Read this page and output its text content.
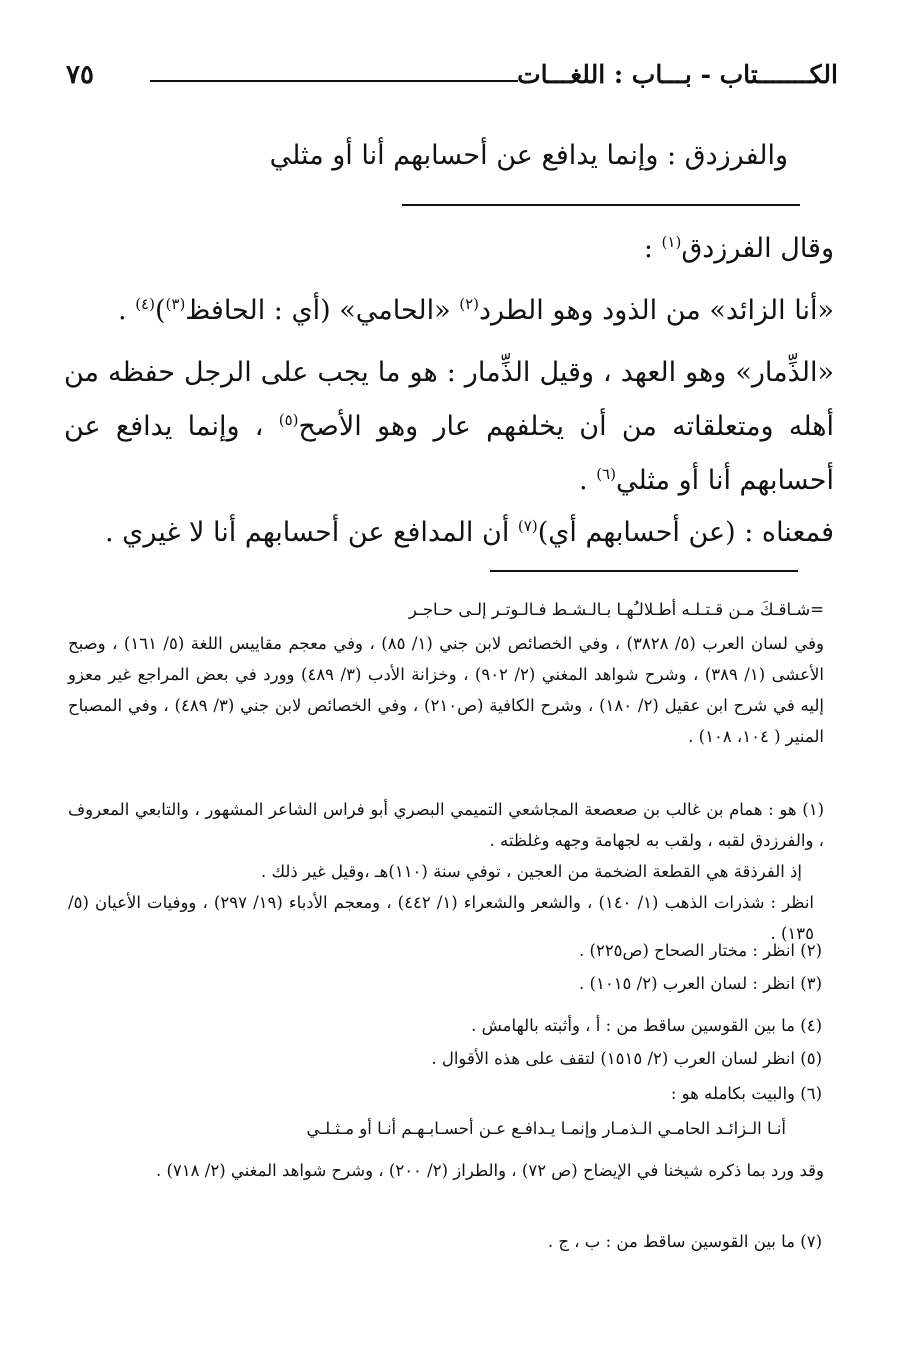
٧٥	الكـــــــتاب - بـــاب : اللغـــات
والفرزدق : وإنما يدافع عن أحسابهم أنا أو مثلي

وقال الفرزدق$^{(١)}$ :

«أنا الزائد» من الذود وهو الطرد$^{(٢)}$ «الحامي» (أي : الحافظ$^{(٣)}$)$^{(٤)}$ .

«الذِّمار» وهو العهد ، وقيل الذِّمار : هو ما يجب على الرجل حفظه من أهله ومتعلقاته من أن يخلفهم عار وهو الأصح$^{(٥)}$ ، وإنما يدافع عن أحسابهم أنا أو مثلي$^{(٦)}$ .

فمعناه : (عن أحسابهم أي)$^{(٧)}$ أن المدافع عن أحسابهم أنا لا غيري .

=شـاقـكَ مـن قـتـلـه أطـلالـُهـا بـالـشـط فـالـوتـر إلـى حـاجـر
وفي لسان العرب (٥/ ٣٨٢٨) ، وفي الخصائص لابن جني (١/ ٨٥) ، وفي معجم مقاييس اللغة (٥/ ١٦١) ، وصبح الأعشى (١/ ٣٨٩) ، وشرح شواهد المغني (٢/ ٩٠٢) ، وخزانة الأدب (٣/ ٤٨٩) وورد في بعض المراجع غير معزو إليه في شرح ابن عقيل (٢/ ١٨٠) ، وشرح الكافية (ص٢١٠) ، وفي الخصائص لابن جني (٣/ ٤٨٩) ، وفي المصباح المنير ( ١٠٤، ١٠٨) .

(١) هو : همام بن غالب بن صعصعة المجاشعي التميمي البصري أبو فراس الشاعر المشهور ، والتابعي المعروف ، والفرزدق لقبه ، ولقب به لجهامة وجهه وغلظته .

إذ الفرذقة هي القطعة الضخمة من العجين ، توفي سنة (١١٠)هـ ،وقيل غير ذلك .

انظر : شذرات الذهب (١/ ١٤٠) ، والشعر والشعراء (١/ ٤٤٢) ، ومعجم الأدباء (١٩/ ٢٩٧) ، ووفيات الأعيان (٥/ ١٣٥) .

(٢) انظر : مختار الصحاح (ص٢٢٥) .
(٣) انظر : لسان العرب (٢/ ١٠١٥) .
(٤) ما بين القوسين ساقط من : أ ، وأثبته بالهامش .
(٥) انظر لسان العرب (٢/ ١٥١٥) لتقف على هذه الأقوال .
(٦) والبيت بكامله هو :
أنـا الـزائـد الحامـي الـذمـار وإنمـا يـدافـع عـن أحسـابـهـم أنـا أو مـثـلـي
وقد ورد بما ذكره شيخنا في الإيضاح (ص ٧٢) ، والطراز (٢/ ٢٠٠) ، وشرح شواهد المغني (٢/ ٧١٨) .
(٧) ما بين القوسين ساقط من : ب ، ج .
